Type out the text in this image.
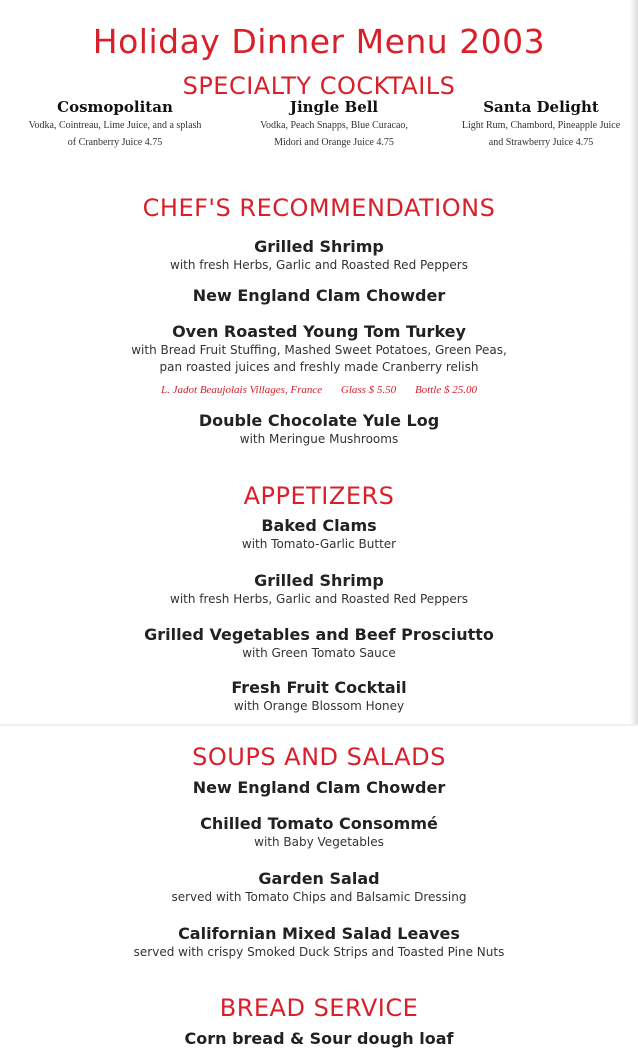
Holiday Dinner Menu 2003
SPECIALTY COCKTAILS
Cosmopolitan
Vodka, Cointreau, Lime Juice, and a splash
of Cranberry Juice 4.75
Jingle Bell
Vodka, Peach Snapps, Blue Curacao,
Midori and Orange Juice 4.75
Santa Delight
Light Rum, Chambord, Pineapple Juice
and Strawberry Juice 4.75
CHEF'S RECOMMENDATIONS
Grilled Shrimp
with fresh Herbs, Garlic and Roasted Red Peppers
New England Clam Chowder
Oven Roasted Young Tom Turkey
with Bread Fruit Stuffing, Mashed Sweet Potatoes, Green Peas,
pan roasted juices and freshly made Cranberry relish
L. Jadot Beaujolais Villages, France Glass $ 5.50 Bottle $ 25.00
Double Chocolate Yule Log
with Meringue Mushrooms
APPETIZERS
Baked Clams
with Tomato-Garlic Butter
Grilled Shrimp
with fresh Herbs, Garlic and Roasted Red Peppers
Grilled Vegetables and Beef Prosciutto
with Green Tomato Sauce
Fresh Fruit Cocktail
with Orange Blossom Honey
SOUPS AND SALADS
New England Clam Chowder
Chilled Tomato Consommé
with Baby Vegetables
Garden Salad
served with Tomato Chips and Balsamic Dressing
Californian Mixed Salad Leaves
served with crispy Smoked Duck Strips and Toasted Pine Nuts
BREAD SERVICE
Corn bread & Sour dough loaf
